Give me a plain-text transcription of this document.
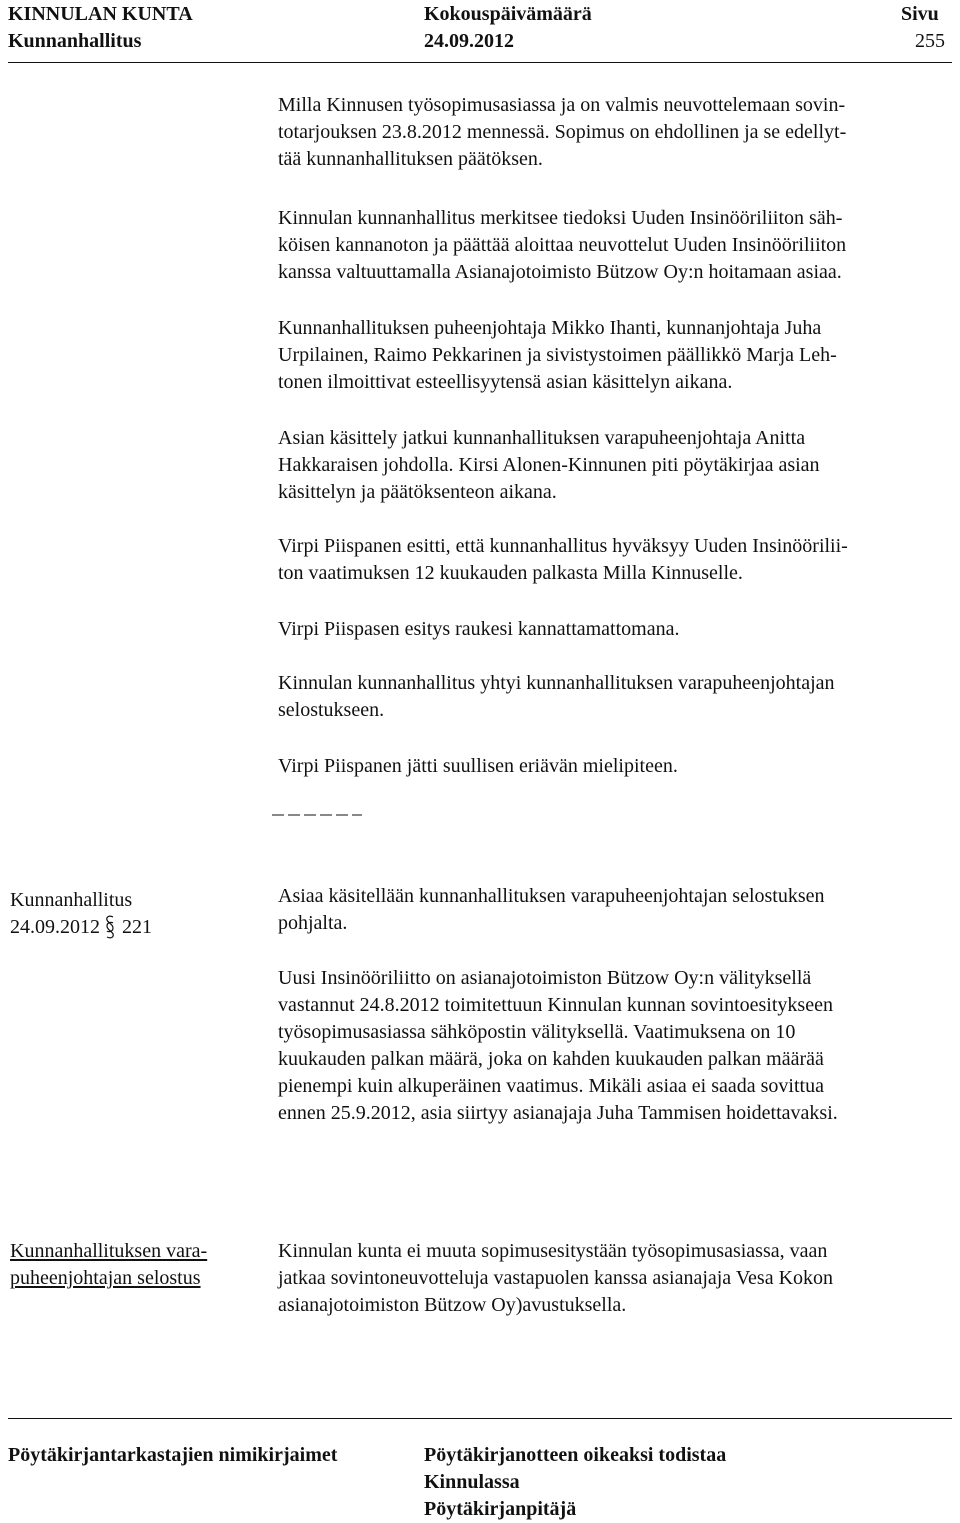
KINNULAN KUNTA
Kunnanhallitus
Kokouspäivämäärä
24.09.2012
Sivu
255
Milla Kinnusen työsopimusasiassa ja on valmis neuvottelemaan sovin-
totarjouksen 23.8.2012 mennessä. Sopimus on ehdollinen ja se edellyt-
tää kunnanhallituksen päätöksen.
Kinnulan kunnanhallitus merkitsee tiedoksi Uuden Insinööriliiton säh-
köisen kannanoton ja päättää aloittaa neuvottelut Uuden Insinööriliiton
kanssa valtuuttamalla Asianajotoimisto Bützow Oy:n hoitamaan asiaa.
Kunnanhallituksen puheenjohtaja Mikko Ihanti, kunnanjohtaja Juha
Urpilainen, Raimo Pekkarinen ja sivistystoimen päällikkö Marja Leh-
tonen ilmoittivat esteellisyytensä asian käsittelyn aikana.
Asian käsittely jatkui kunnanhallituksen varapuheenjohtaja Anitta
Hakkaraisen johdolla. Kirsi Alonen-Kinnunen piti pöytäkirjaa asian
käsittelyn ja päätöksenteon aikana.
Virpi Piispanen esitti, että kunnanhallitus hyväksyy Uuden Insinöörilii-
ton vaatimuksen 12 kuukauden palkasta Milla Kinnuselle.
Virpi Piispasen esitys raukesi kannattamattomana.
Kinnulan kunnanhallitus yhtyi kunnanhallituksen varapuheenjohtajan
selostukseen.
Virpi Piispanen jätti suullisen eriävän mielipiteen.
Kunnanhallitus
24.09.2012 221
Asiaa käsitellään kunnanhallituksen varapuheenjohtajan selostuksen
pohjalta.
Uusi Insinööriliitto on asianajotoimiston Bützow Oy:n välityksellä
vastannut 24.8.2012 toimitettuun Kinnulan kunnan sovintoesitykseen
työsopimusasiassa sähköpostin välityksellä. Vaatimuksena on 10
kuukauden palkan määrä, joka on kahden kuukauden palkan määrää
pienempi kuin alkuperäinen vaatimus. Mikäli asiaa ei saada sovittua
ennen 25.9.2012, asia siirtyy asianajaja Juha Tammisen hoidettavaksi.
Kunnanhallituksen vara-
puheenjohtajan selostus
Kinnulan kunta ei muuta sopimusesitystään työsopimusasiassa, vaan
jatkaa sovintoneuvotteluja vastapuolen kanssa asianajaja Vesa Kokon
asianajotoimiston Bützow Oy)avustuksella.
Pöytäkirjantarkastajien nimikirjaimet	Pöytäkirjanotteen oikeaksi todistaa
Kinnulassa
Pöytäkirjanpitäjä
